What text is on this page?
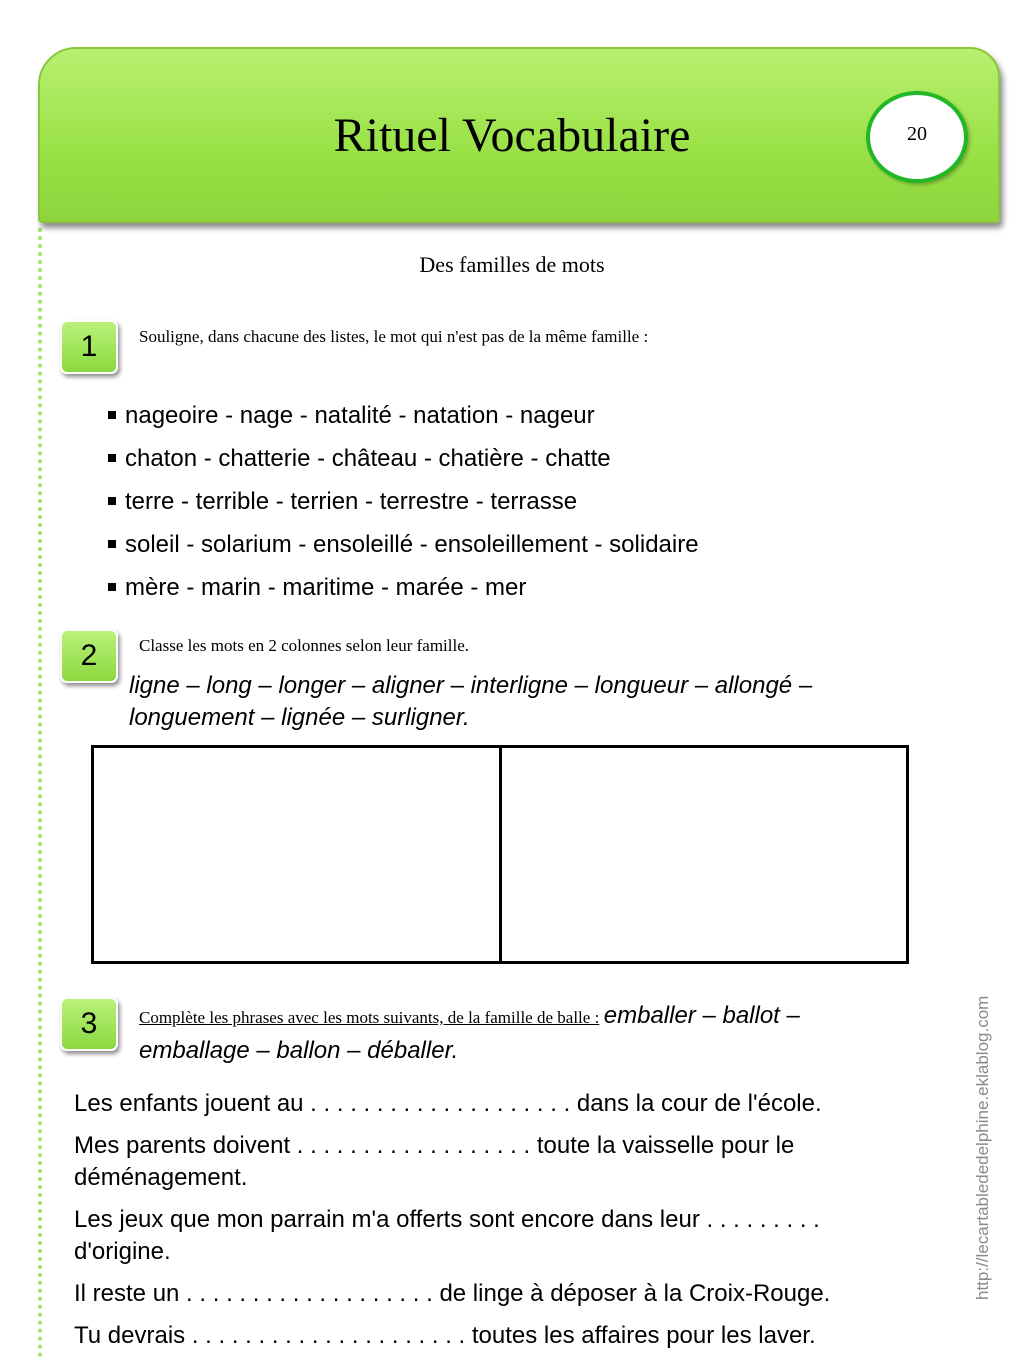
Rituel Vocabulaire	20
Des familles de mots
1	Souligne, dans chacune des listes, le mot qui n'est pas de la même famille :
nageoire - nage - natalité - natation - nageur
chaton - chatterie - château - chatière - chatte
terre - terrible - terrien - terrestre - terrasse
soleil - solarium - ensoleillé - ensoleillement - solidaire
mère - marin - maritime - marée - mer
2	Classe les mots en 2 colonnes selon leur famille.
ligne – long – longer – aligner – interligne – longueur – allongé – longuement – lignée – surligner.
3	Complète les phrases avec les mots suivants, de la famille de balle : emballer – ballot – emballage – ballon – déballer.

Les enfants jouent au . . . . . . . . . . . . . . . . . . . . dans la cour de l'école.

Mes parents doivent . . . . . . . . . . . . . . . . . . toute la vaisselle pour le déménagement.

Les jeux que mon parrain m'a offerts sont encore dans leur . . . . . . . . . d'origine.

Il reste un . . . . . . . . . . . . . . . . . . . de linge à déposer à la Croix-Rouge.

Tu devrais . . . . . . . . . . . . . . . . . . . . . toutes les affaires pour les laver.

http://lecartablededelphine.eklablog.com
